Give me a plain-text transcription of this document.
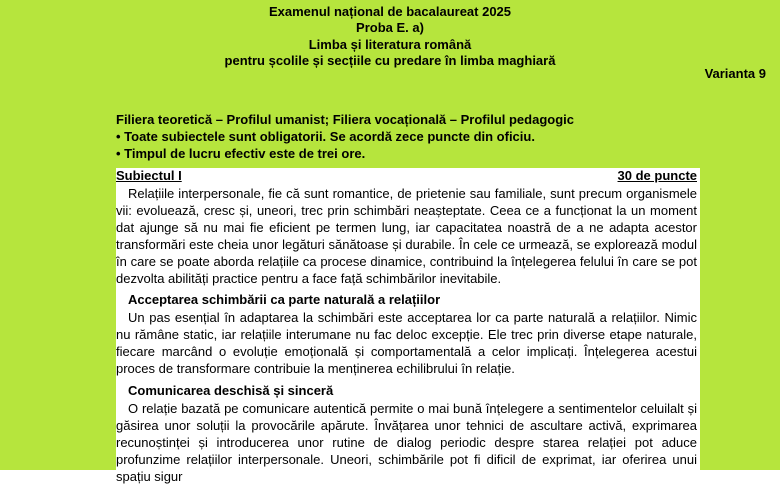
Examenul național de bacalaureat 2025
Proba E. a)
Limba și literatura română
pentru școlile și secțiile cu predare în limba maghiară
Varianta 9
Filiera teoretică – Profilul umanist; Filiera vocațională – Profilul pedagogic
• Toate subiectele sunt obligatorii. Se acordă zece puncte din oficiu.
• Timpul de lucru efectiv este de trei ore.
Subiectul I	30 de puncte

Relațiile interpersonale, fie că sunt romantice, de prietenie sau familiale, sunt precum organismele vii: evoluează, cresc și, uneori, trec prin schimbări neașteptate. Ceea ce a funcționat la un moment dat ajunge să nu mai fie eficient pe termen lung, iar capacitatea noastră de a ne adapta acestor transformări este cheia unor legături sănătoase și durabile. În cele ce urmează, se explorează modul în care se poate aborda relațiile ca procese dinamice, contribuind la înțelegerea felului în care se pot dezvolta abilități practice pentru a face față schimbărilor inevitabile.

Acceptarea schimbării ca parte naturală a relațiilor

Un pas esențial în adaptarea la schimbări este acceptarea lor ca parte naturală a relațiilor. Nimic nu rămâne static, iar relațiile interumane nu fac deloc excepție. Ele trec prin diverse etape naturale, fiecare marcând o evoluție emoțională și comportamentală a celor implicați. Înțelegerea acestui proces de transformare contribuie la menținerea echilibrului în relație.

Comunicarea deschisă și sinceră

O relație bazată pe comunicare autentică permite o mai bună înțelegere a sentimentelor celuilalt și găsirea unor soluții la provocările apărute. Învățarea unor tehnici de ascultare activă, exprimarea recunoștinței și introducerea unor rutine de dialog periodic despre starea relației pot aduce profunzime relațiilor interpersonale. Uneori, schimbările pot fi dificil de exprimat, iar oferirea unui spațiu sigur
